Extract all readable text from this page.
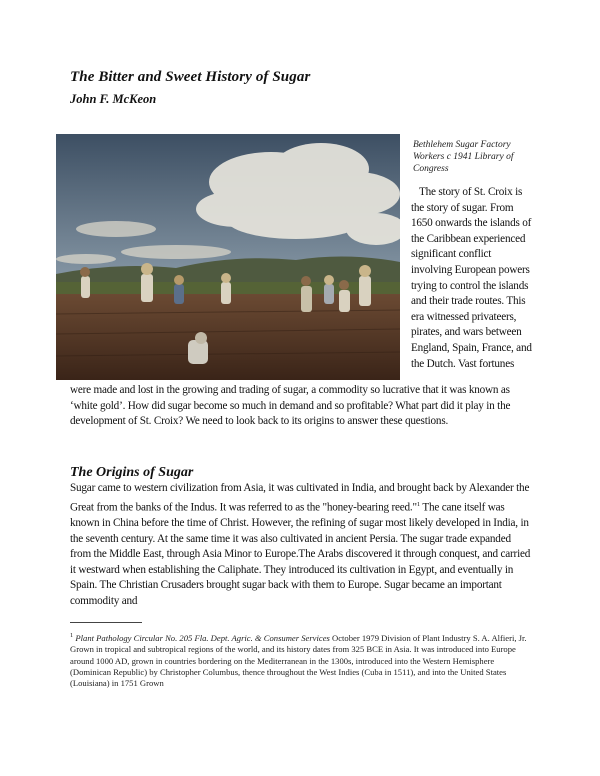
The Bitter and Sweet History of Sugar

John F. McKeon

Bethlehem Sugar Factory Workers c 1941 Library of Congress

The story of St. Croix is the story of sugar. From 1650 onwards the islands of the Caribbean experienced significant conflict involving European powers trying to control the islands and their trade routes. This era witnessed privateers, pirates, and wars between England, Spain, France, and the Dutch. Vast fortunes

were made and lost in the growing and trading of sugar, a commodity so lucrative that it was known as ‘white gold’. How did sugar become so much in demand and so profitable? What part did it play in the development of St. Croix? We need to look back to its origins to answer these questions.

The Origins of Sugar

Sugar came to western civilization from Asia, it was cultivated in India, and brought back by Alexander the Great from the banks of the Indus. It was referred to as the "honey-bearing reed."$^1$ The cane itself was known in China before the time of Christ. However, the refining of sugar most likely developed in India, in the seventh century. At the same time it was also cultivated in ancient Persia. The sugar trade expanded from the Middle East, through Asia Minor to Europe.The Arabs discovered it through conquest, and carried it westward when establishing the Caliphate. They introduced its cultivation in Egypt, and eventually in Spain. The Christian Crusaders brought sugar back with them to Europe. Sugar became an important commodity and

$^1$ Plant Pathology Circular No. 205 Fla. Dept. Agric. & Consumer Services October 1979 Division of Plant Industry S. A. Alfieri, Jr.
Grown in tropical and subtropical regions of the world, and its history dates from 325 BCE in Asia. It was introduced into Europe around 1000 AD, grown in countries bordering on the Mediterranean in the 1300s, introduced into the Western Hemisphere (Dominican Republic) by Christopher Columbus, thence throughout the West Indies (Cuba in 1511), and into the United States (Louisiana) in 1751 Grown
